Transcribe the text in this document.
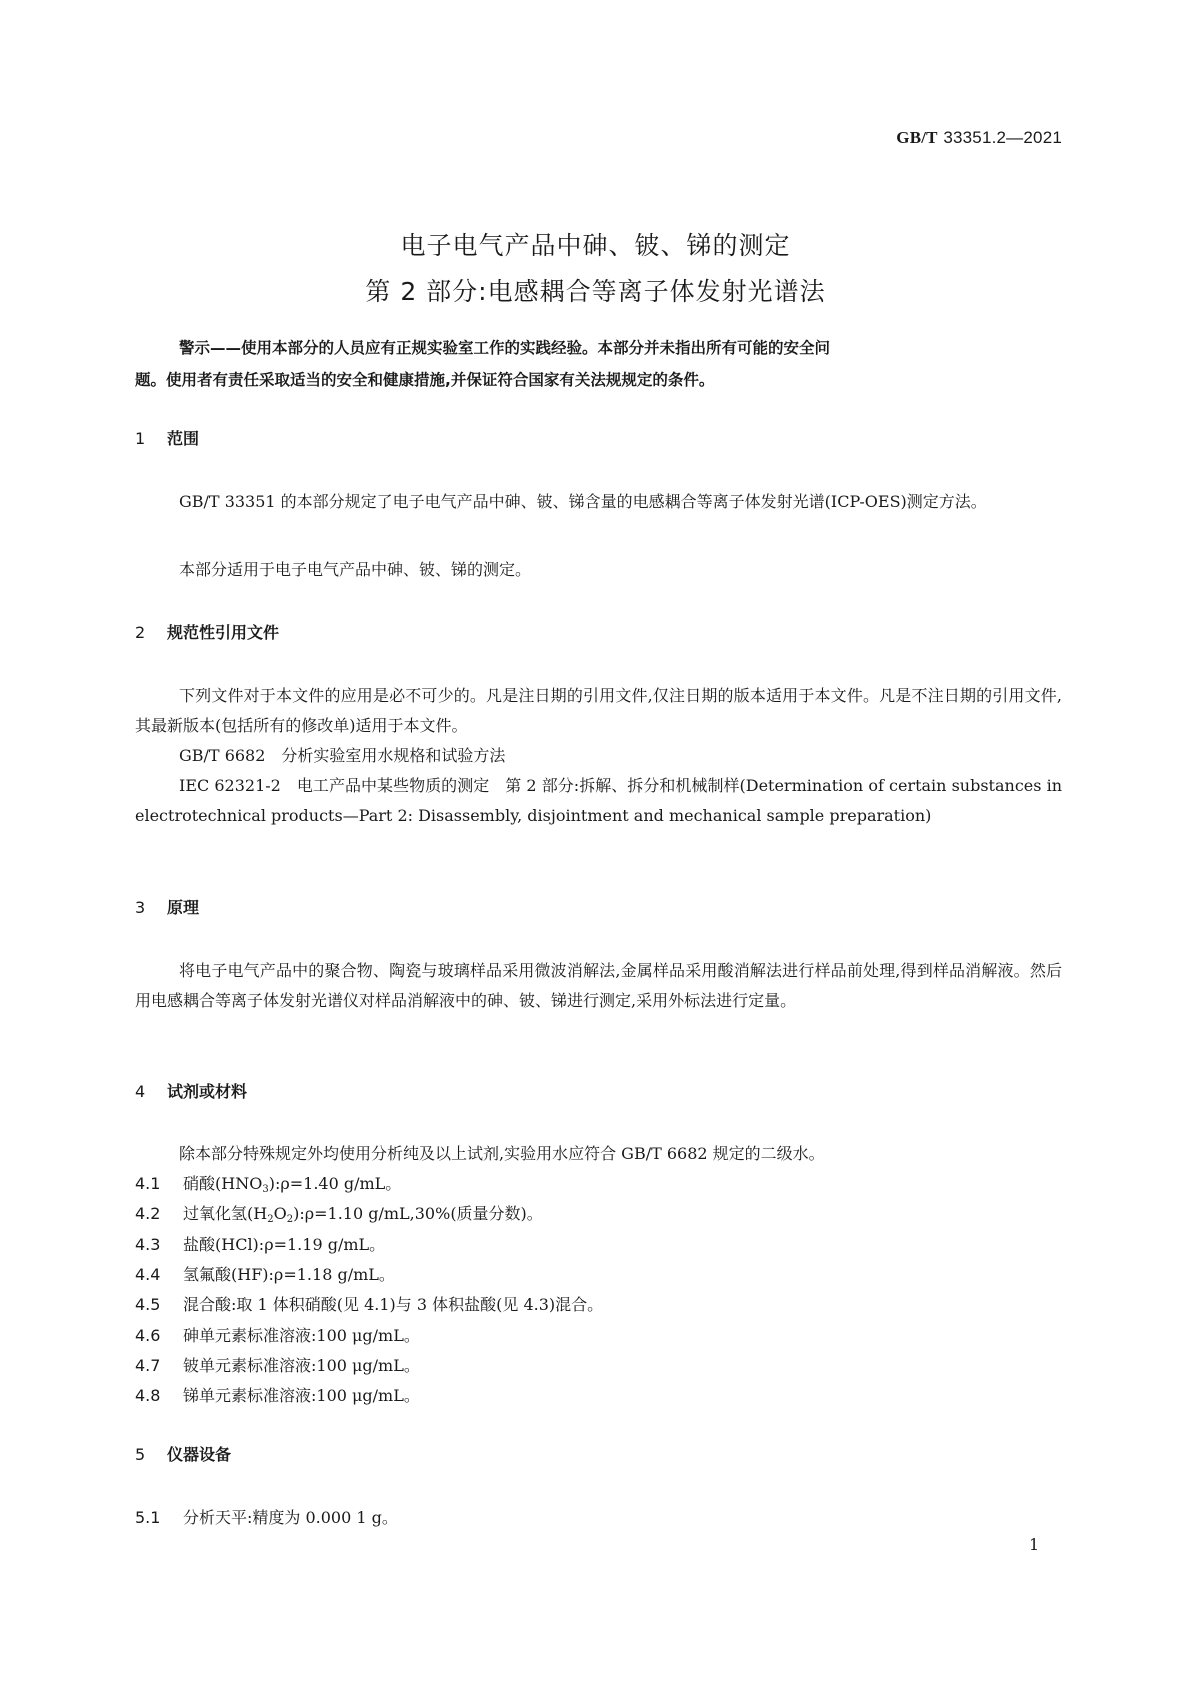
GB/T 33351.2—2021
电子电气产品中砷、铍、锑的测定
第 2 部分:电感耦合等离子体发射光谱法
警示——使用本部分的人员应有正规实验室工作的实践经验。本部分并未指出所有可能的安全问
题。使用者有责任采取适当的安全和健康措施,并保证符合国家有关法规规定的条件。
1 范围
GB/T 33351 的本部分规定了电子电气产品中砷、铍、锑含量的电感耦合等离子体发射光谱(ICP-OES)测定方法。
本部分适用于电子电气产品中砷、铍、锑的测定。
2 规范性引用文件
下列文件对于本文件的应用是必不可少的。凡是注日期的引用文件,仅注日期的版本适用于本文件。凡是不注日期的引用文件,其最新版本(包括所有的修改单)适用于本文件。
GB/T 6682　分析实验室用水规格和试验方法
IEC 62321-2　电工产品中某些物质的测定　第 2 部分:拆解、拆分和机械制样(Determination of certain substances in electrotechnical products—Part 2: Disassembly, disjointment and mechanical sample preparation)
3 原理
将电子电气产品中的聚合物、陶瓷与玻璃样品采用微波消解法,金属样品采用酸消解法进行样品前处理,得到样品消解液。然后用电感耦合等离子体发射光谱仪对样品消解液中的砷、铍、锑进行测定,采用外标法进行定量。
4 试剂或材料
除本部分特殊规定外均使用分析纯及以上试剂,实验用水应符合 GB/T 6682 规定的二级水。
4.1 硝酸$(HNO_3):\rho=1.40$ g/mL。
4.2 过氧化氢$(H_2O_2):\rho=1.10$ g/mL,30%(质量分数)。
4.3 盐酸(HCl):ρ=1.19 g/mL。
4.4 氢氟酸(HF):ρ=1.18 g/mL。
4.5 混合酸:取 1 体积硝酸(见 4.1)与 3 体积盐酸(见 4.3)混合。
4.6 砷单元素标准溶液:100 μg/mL。
4.7 铍单元素标准溶液:100 μg/mL。
4.8 锑单元素标准溶液:100 μg/mL。
5 仪器设备
5.1 分析天平:精度为 0.000 1 g。
1
